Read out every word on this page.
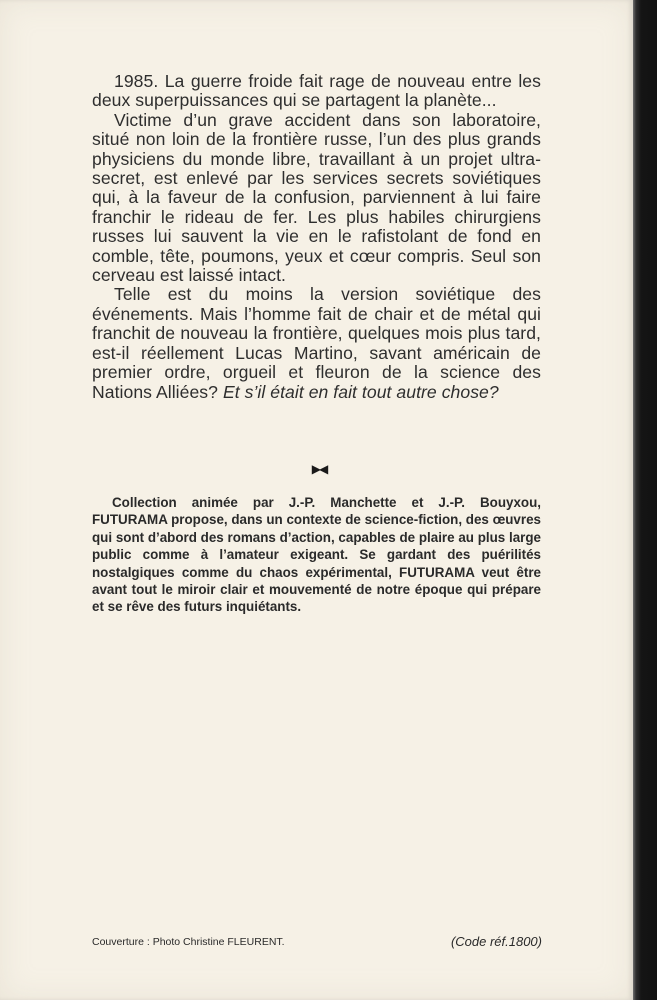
1985. La guerre froide fait rage de nouveau entre les deux superpuissances qui se partagent la planète...

Victime d’un grave accident dans son laboratoire, situé non loin de la frontière russe, l’un des plus grands physiciens du monde libre, travaillant à un projet ultra-secret, est enlevé par les services secrets soviétiques qui, à la faveur de la confusion, parviennent à lui faire franchir le rideau de fer. Les plus habiles chirurgiens russes lui sauvent la vie en le rafistolant de fond en comble, tête, poumons, yeux et cœur compris. Seul son cerveau est laissé intact.

Telle est du moins la version soviétique des événements. Mais l’homme fait de chair et de métal qui franchit de nouveau la frontière, quelques mois plus tard, est-il réellement Lucas Martino, savant américain de premier ordre, orgueil et fleuron de la science des Nations Alliées? Et s’il était en fait tout autre chose?

▶◀

Collection animée par J.-P. Manchette et J.-P. Bouyxou, FUTURAMA propose, dans un contexte de science-fiction, des œuvres qui sont d’abord des romans d’action, capables de plaire au plus large public comme à l’amateur exigeant. Se gardant des puérilités nostalgiques comme du chaos expérimental, FUTURAMA veut être avant tout le miroir clair et mouvementé de notre époque qui prépare et se rêve des futurs inquiétants.

Couverture : Photo Christine FLEURENT.	(Code réf.1800)
